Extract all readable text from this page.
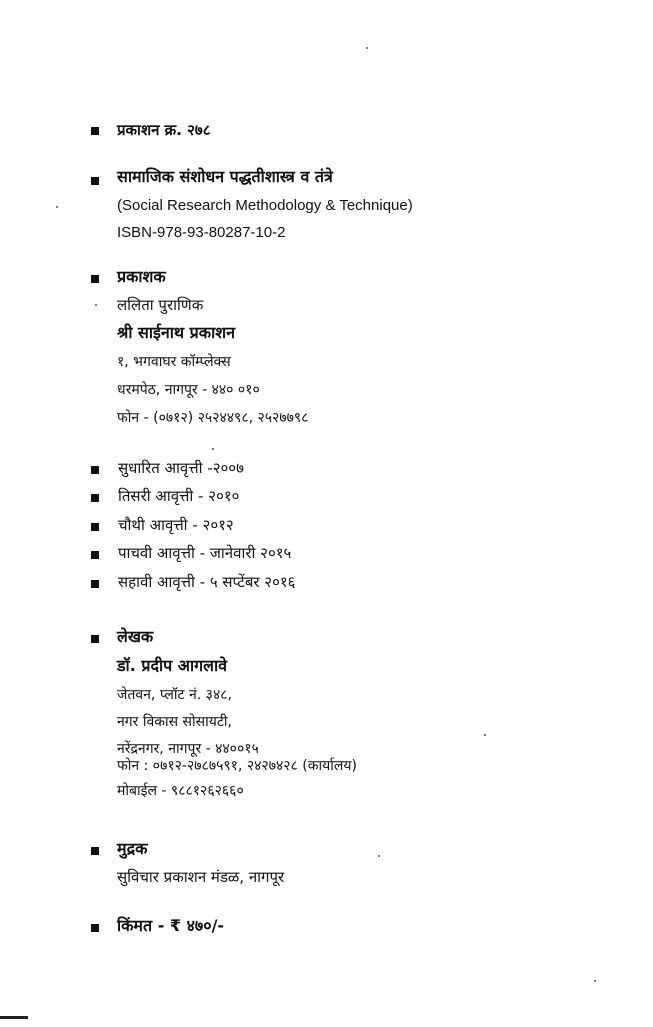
प्रकाशन क्र. २७८
सामाजिक संशोधन पद्धतीशास्त्र व तंत्रे
(Social Research Methodology & Technique)
ISBN-978-93-80287-10-2
प्रकाशक
ललिता पुराणिक
श्री साईनाथ प्रकाशन
१, भगवाघर कॉम्प्लेक्स
धरमपेठ, नागपूर - ४४० ०१०
फोन - (०७१२) २५२४४९८, २५२७७९८
सुधारित आवृत्ती -२००७
तिसरी आवृत्ती - २०१०
चौथी आवृत्ती - २०१२
पाचवी आवृत्ती - जानेवारी २०१५
सहावी आवृत्ती - ५ सप्टेंबर २०१६
लेखक
डॉ. प्रदीप आगलावे
जेतवन, प्लॉट नं. ३४८,
नगर विकास सोसायटी,
नरेंद्रनगर, नागपूर - ४४००१५
फोन : ०७१२-२७८७५९१, २४२७४२८ (कार्यालय)
मोबाईल - ९८८१२६२६६०
मुद्रक
सुविचार प्रकाशन मंडळ, नागपूर
किंमत - ₹ ४७०/-
